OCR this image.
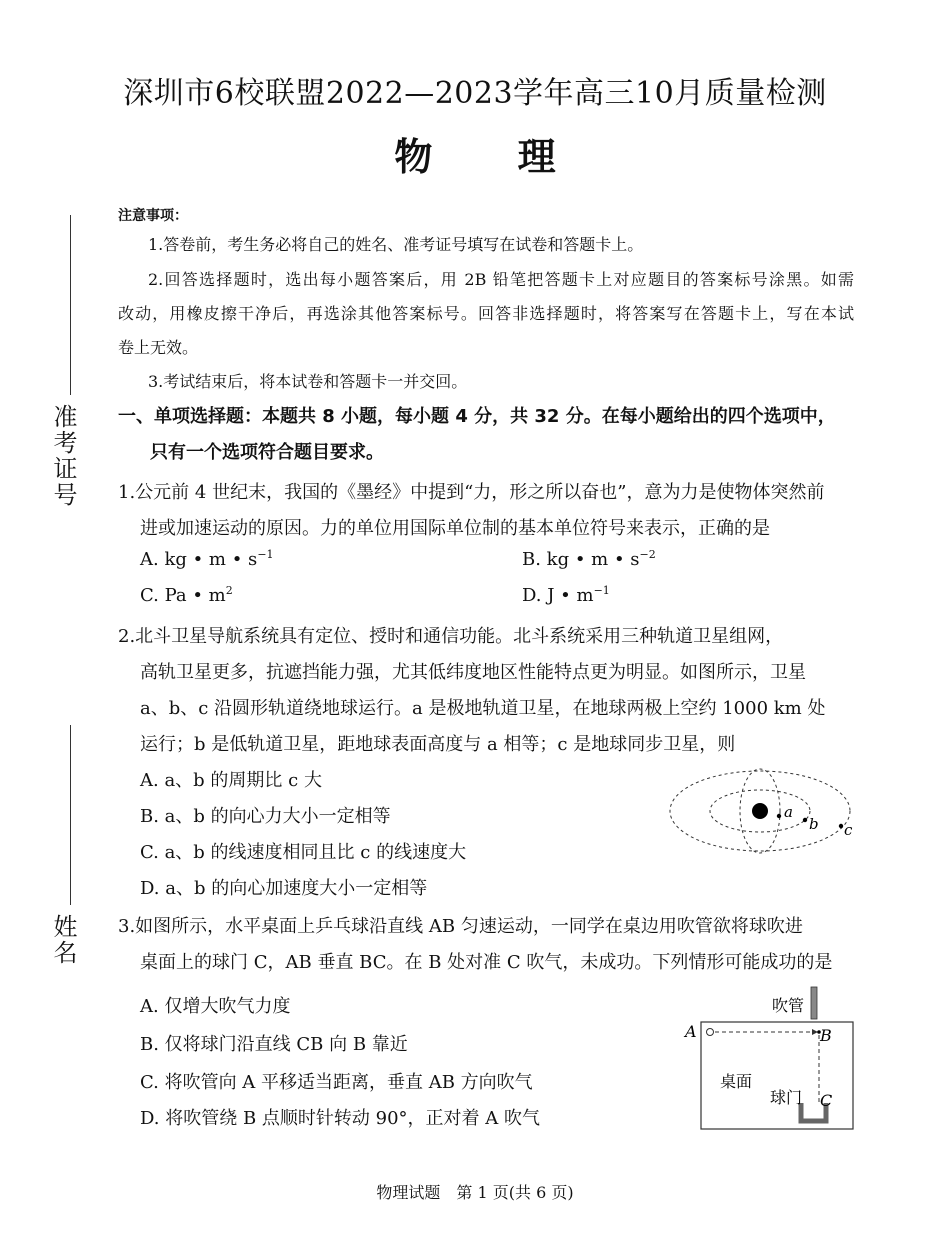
深圳市6校联盟2022—2023学年高三10月质量检测
物 理
准考证号
姓名
注意事项：
1.答卷前，考生务必将自己的姓名、准考证号填写在试卷和答题卡上。
2.回答选择题时，选出每小题答案后，用 2B 铅笔把答题卡上对应题目的答案标号涂黑。如需
改动，用橡皮擦干净后，再选涂其他答案标号。回答非选择题时，将答案写在答题卡上，写在本试
卷上无效。
3.考试结束后，将本试卷和答题卡一并交回。
一、单项选择题：本题共 8 小题，每小题 4 分，共 32 分。在每小题给出的四个选项中，
只有一个选项符合题目要求。
1.公元前 4 世纪末，我国的《墨经》中提到“力，形之所以奋也”，意为力是使物体突然前
进或加速运动的原因。力的单位用国际单位制的基本单位符号来表示，正确的是
A. kg • m • $s^{-1}$	B. kg • m • $s^{-2}$
C. Pa • $m^2$	D. J • $m^{-1}$
2.北斗卫星导航系统具有定位、授时和通信功能。北斗系统采用三种轨道卫星组网，
高轨卫星更多，抗遮挡能力强，尤其低纬度地区性能特点更为明显。如图所示，卫星
a、b、c 沿圆形轨道绕地球运行。a 是极地轨道卫星，在地球两极上空约 1000 km 处
运行；b 是低轨道卫星，距地球表面高度与 a 相等；c 是地球同步卫星，则
A. a、b 的周期比 c 大
B. a、b 的向心力大小一定相等
C. a、b 的线速度相同且比 c 的线速度大
D. a、b 的向心加速度大小一定相等
a
b c
3.如图所示，水平桌面上乒乓球沿直线 AB 匀速运动，一同学在桌边用吹管欲将球吹进
桌面上的球门 C，AB 垂直 BC。在 B 处对准 C 吹气，未成功。下列情形可能成功的是
A. 仅增大吹气力度
B. 仅将球门沿直线 CB 向 B 靠近
C. 将吹管向 A 平移适当距离，垂直 AB 方向吹气
D. 将吹管绕 B 点顺时针转动 90°，正对着 A 吹气
吹管
A	B
桌面
球门 C
物理试题　第 1 页(共 6 页)
